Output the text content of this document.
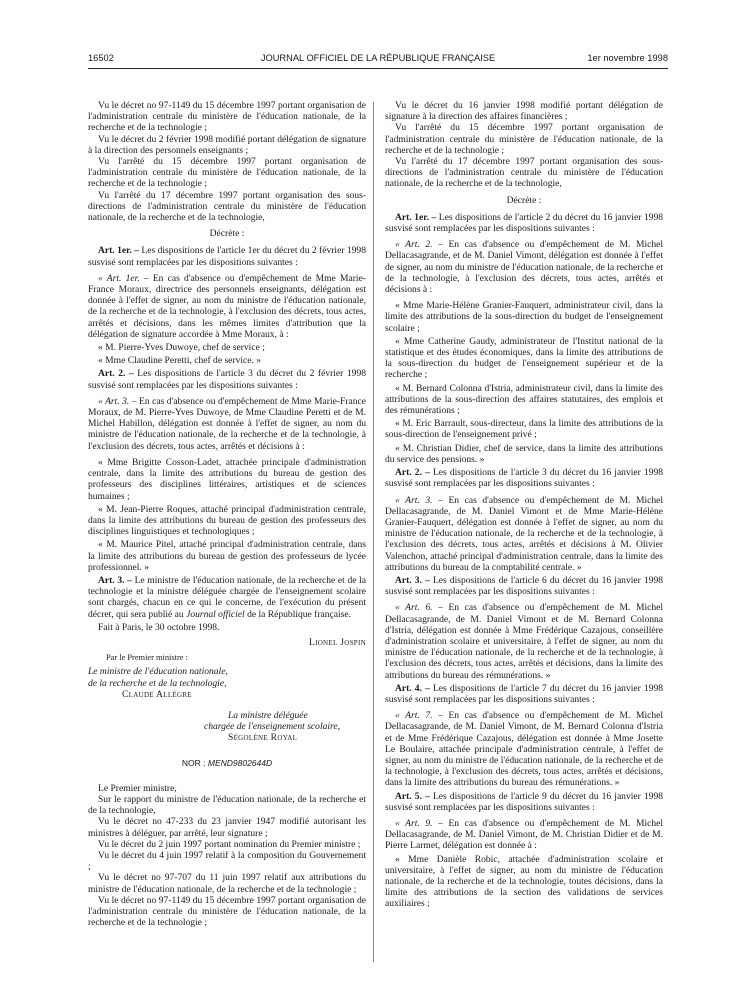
16502	JOURNAL OFFICIEL DE LA RÉPUBLIQUE FRANÇAISE	1er novembre 1998

Vu le décret no 97-1149 du 15 décembre 1997 portant organisation de l'administration centrale du ministère de l'éducation nationale, de la recherche et de la technologie ;

Vu le décret du 2 février 1998 modifié portant délégation de signature à la direction des personnels enseignants ;

Vu l'arrêté du 15 décembre 1997 portant organisation de l'administration centrale du ministère de l'éducation nationale, de la recherche et de la technologie ;

Vu l'arrêté du 17 décembre 1997 portant organisation des sous-directions de l'administration centrale du ministère de l'éducation nationale, de la recherche et de la technologie,

Décrète :

Art. 1er. – Les dispositions de l'article 1er du décret du 2 février 1998 susvisé sont remplacées par les dispositions suivantes :

« Art. 1er. – En cas d'absence ou d'empêchement de Mme Marie-France Moraux, directrice des personnels enseignants, délégation est donnée à l'effet de signer, au nom du ministre de l'éducation nationale, de la recherche et de la technologie, à l'exclusion des décrets, tous actes, arrêtés et décisions, dans les mêmes limites d'attribution que la délégation de signature accordée à Mme Moraux, à :

« M. Pierre-Yves Duwoye, chef de service ;

« Mme Claudine Peretti, chef de service. »

Art. 2. – Les dispositions de l'article 3 du décret du 2 février 1998 susvisé sont remplacées par les dispositions suivantes :

« Art. 3. – En cas d'absence ou d'empêchement de Mme Marie-France Moraux, de M. Pierre-Yves Duwoye, de Mme Claudine Peretti et de M. Michel Habillon, délégation est donnée à l'effet de signer, au nom du ministre de l'éducation nationale, de la recherche et de la technologie, à l'exclusion des décrets, tous actes, arrêtés et décisions à :

« Mme Brigitte Cosson-Ladet, attachée principale d'administration centrale, dans la limite des attributions du bureau de gestion des professeurs des disciplines littéraires, artistiques et de sciences humaines ;

« M. Jean-Pierre Roques, attaché principal d'administration centrale, dans la limite des attributions du bureau de gestion des professeurs des disciplines linguistiques et technologiques ;

« M. Maurice Pitel, attaché principal d'administration centrale, dans la limite des attributions du bureau de gestion des professeurs de lycée professionnel. »

Art. 3. – Le ministre de l'éducation nationale, de la recherche et de la technologie et la ministre déléguée chargée de l'enseignement scolaire sont chargés, chacun en ce qui le concerne, de l'exécution du présent décret, qui sera publié au Journal officiel de la République française.

Fait à Paris, le 30 octobre 1998.

Lionel Jospin

Par le Premier ministre :

Le ministre de l'éducation nationale,

de la recherche et de la technologie,

Claude Allègre

La ministre déléguée

chargée de l'enseignement scolaire,

Ségolène Royal

NOR : MEND9802644D

Le Premier ministre,

Sur le rapport du ministre de l'éducation nationale, de la recherche et de la technologie,

Vu le décret no 47-233 du 23 janvier 1947 modifié autorisant les ministres à déléguer, par arrêté, leur signature ;

Vu le décret du 2 juin 1997 portant nomination du Premier ministre ;

Vu le décret du 4 juin 1997 relatif à la composition du Gouvernement ;

Vu le décret no 97-707 du 11 juin 1997 relatif aux attributions du ministre de l'éducation nationale, de la recherche et de la technologie ;

Vu le décret no 97-1149 du 15 décembre 1997 portant organisation de l'administration centrale du ministère de l'éducation nationale, de la recherche et de la technologie ;

Vu le décret du 16 janvier 1998 modifié portant délégation de signature à la direction des affaires financières ;

Vu l'arrêté du 15 décembre 1997 portant organisation de l'administration centrale du ministère de l'éducation nationale, de la recherche et de la technologie ;

Vu l'arrêté du 17 décembre 1997 portant organisation des sous-directions de l'administration centrale du ministère de l'éducation nationale, de la recherche et de la technologie,

Décrète :

Art. 1er. – Les dispositions de l'article 2 du décret du 16 janvier 1998 susvisé sont remplacées par les dispositions suivantes :

« Art. 2. – En cas d'absence ou d'empêchement de M. Michel Dellacasagrande, et de M. Daniel Vimont, délégation est donnée à l'effet de signer, au nom du ministre de l'éducation nationale, de la recherche et de la technologie, à l'exclusion des décrets, tous actes, arrêtés et décisions à :

« Mme Marie-Hélène Granier-Fauquert, administrateur civil, dans la limite des attributions de la sous-direction du budget de l'enseignement scolaire ;

« Mme Catherine Gaudy, administrateur de l'Institut national de la statistique et des études économiques, dans la limite des attributions de la sous-direction du budget de l'enseignement supérieur et de la recherche ;

« M. Bernard Colonna d'Istria, administrateur civil, dans la limite des attributions de la sous-direction des affaires statutaires, des emplois et des rémunérations ;

« M. Eric Barrault, sous-directeur, dans la limite des attributions de la sous-direction de l'enseignement privé ;

« M. Christian Didier, chef de service, dans la limite des attributions du service des pensions. »

Art. 2. – Les dispositions de l'article 3 du décret du 16 janvier 1998 susvisé sont remplacées par les dispositions suivantes :

« Art. 3. – En cas d'absence ou d'empêchement de M. Michel Dellacasagrande, de M. Daniel Vimont et de Mme Marie-Hélène Granier-Fauquert, délégation est donnée à l'effet de signer, au nom du ministre de l'éducation nationale, de la recherche et de la technologie, à l'exclusion des décrets, tous actes, arrêtés et décisions à M. Olivier Valenchon, attaché principal d'administration centrale, dans la limite des attributions du bureau de la comptabilité centrale. »

Art. 3. – Les dispositions de l'article 6 du décret du 16 janvier 1998 susvisé sont remplacées par les dispositions suivantes :

« Art. 6. – En cas d'absence ou d'empêchement de M. Michel Dellacasagrande, de M. Daniel Vimont et de M. Bernard Colonna d'Istria, délégation est donnée à Mme Frédérique Cazajous, conseillère d'administration scolaire et universitaire, à l'effet de signer, au nom du ministre de l'éducation nationale, de la recherche et de la technologie, à l'exclusion des décrets, tous actes, arrêtés et décisions, dans la limite des attributions du bureau des rémunérations. »

Art. 4. – Les dispositions de l'article 7 du décret du 16 janvier 1998 susvisé sont remplacées par les dispositions suivantes :

« Art. 7. – En cas d'absence ou d'empêchement de M. Michel Dellacasagrande, de M. Daniel Vimont, de M. Bernard Colonna d'Istria et de Mme Frédérique Cazajous, délégation est donnée à Mme Josette Le Boulaire, attachée principale d'administration centrale, à l'effet de signer, au nom du ministre de l'éducation nationale, de la recherche et de la technologie, à l'exclusion des décrets, tous actes, arrêtés et décisions, dans la limite des attributions du bureau des rémunérations. »

Art. 5. – Les dispositions de l'article 9 du décret du 16 janvier 1998 susvisé sont remplacées par les dispositions suivantes :

« Art. 9. – En cas d'absence ou d'empêchement de M. Michel Dellacasagrande, de M. Daniel Vimont, de M. Christian Didier et de M. Pierre Larmet, délégation est donnée à :

« Mme Danièle Robic, attachée d'administration scolaire et universitaire, à l'effet de signer, au nom du ministre de l'éducation nationale, de la recherche et de la technologie, toutes décisions, dans la limite des attributions de la section des validations de services auxiliaires ;
